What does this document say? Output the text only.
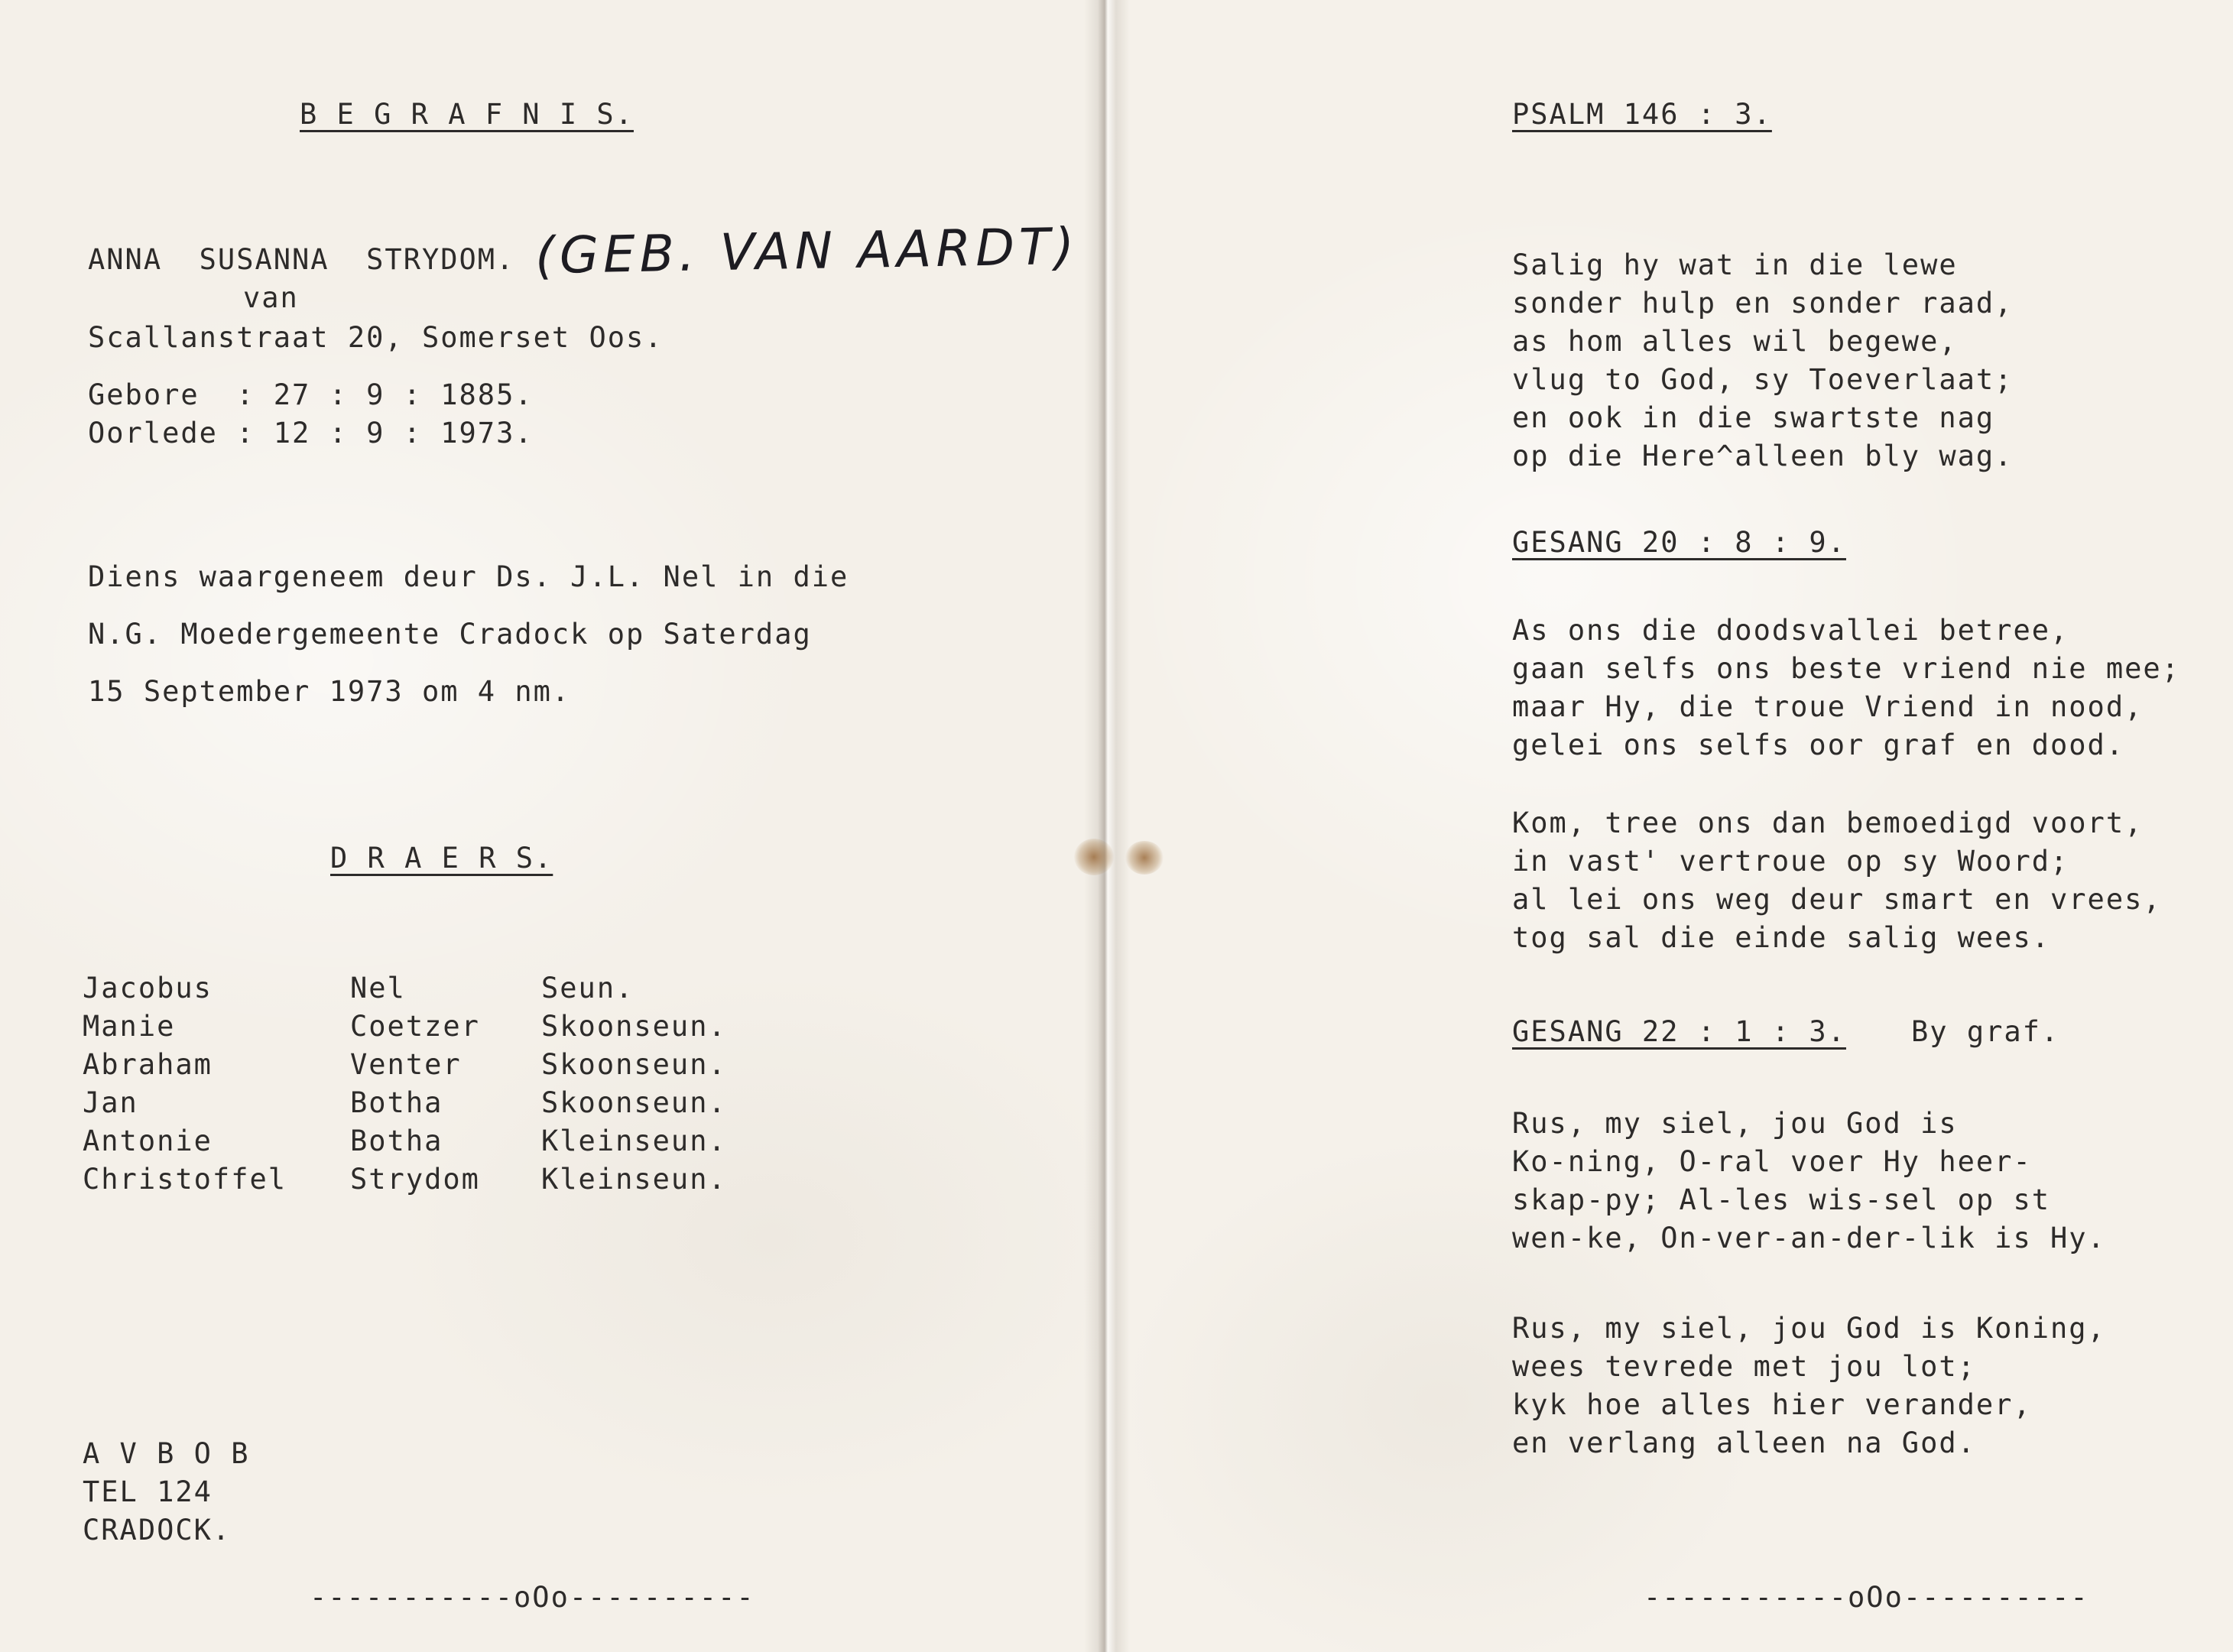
B E G R A F N I S.
ANNA  SUSANNA  STRYDOM. (GEB. VAN AARDT)
van
Scallanstraat 20, Somerset Oos.
Gebore  : 27 : 9 : 1885.
Oorlede : 12 : 9 : 1973.
Diens waargeneem deur Ds. J.L. Nel in die
N.G. Moedergemeente Cradock op Saterdag
15 September 1973 om 4 nm.
D R A E R S.
Jacobus
Manie
Abraham
Jan
Antonie
Christoffel
Nel
Coetzer
Venter
Botha
Botha
Strydom
Seun.
Skoonseun.
Skoonseun.
Skoonseun.
Kleinseun.
Kleinseun.
A V B O B
TEL 124
CRADOCK.
-----------oOo----------
PSALM 146 : 3.
Salig hy wat in die lewe
sonder hulp en sonder raad,
as hom alles wil begewe,
vlug to God, sy Toeverlaat;
en ook in die swartste nag
op die Here^alleen bly wag.
GESANG 20 : 8 : 9.
As ons die doodsvallei betree,
gaan selfs ons beste vriend nie mee;
maar Hy, die troue Vriend in nood,
gelei ons selfs oor graf en dood.
Kom, tree ons dan bemoedigd voort,
in vast' vertroue op sy Woord;
al lei ons weg deur smart en vrees,
tog sal die einde salig wees.
GESANG 22 : 1 : 3. By graf.
Rus, my siel, jou God is
Ko-ning, O-ral voer Hy heer-
skap-py; Al-les wis-sel op st
wen-ke, On-ver-an-der-lik is Hy.
Rus, my siel, jou God is Koning,
wees tevrede met jou lot;
kyk hoe alles hier verander,
en verlang alleen na God.
-----------oOo----------
